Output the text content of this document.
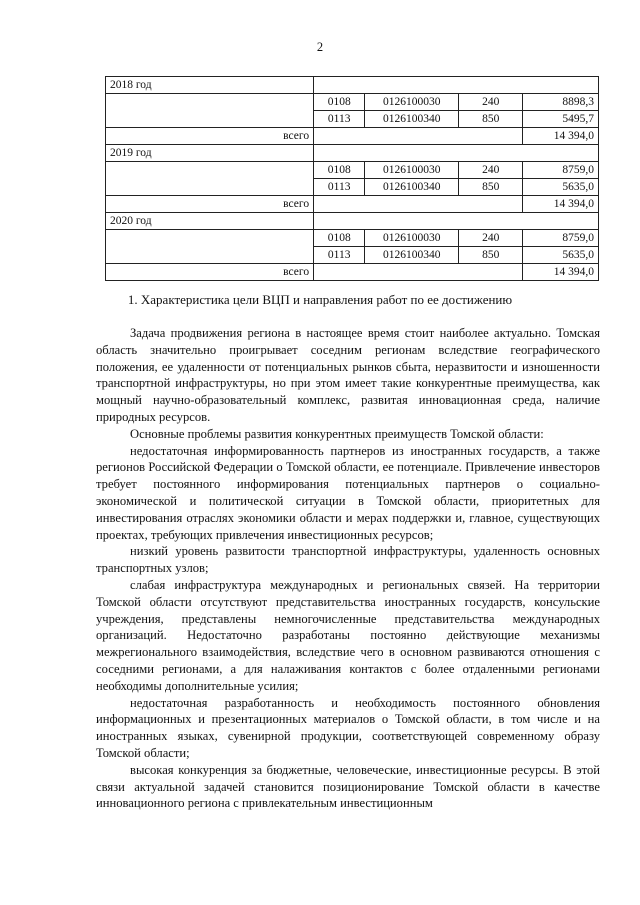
2
2018 год				
	0108	0126100030	240	8898,3
	0113	0126100340	850	5495,7
всего				14 394,0
2019 год				
	0108	0126100030	240	8759,0
	0113	0126100340	850	5635,0
всего				14 394,0
2020 год				
	0108	0126100030	240	8759,0
	0113	0126100340	850	5635,0
всего				14 394,0
1. Характеристика цели ВЦП и направления работ по ее достижению

Задача продвижения региона в настоящее время стоит наиболее актуально. Томская область значительно проигрывает соседним регионам вследствие географического положения, ее удаленности от потенциальных рынков сбыта, неразвитости и изношенности транспортной инфраструктуры, но при этом имеет такие конкурентные преимущества, как мощный научно-образовательный комплекс, развитая инновационная среда, наличие природных ресурсов.

Основные проблемы развития конкурентных преимуществ Томской области:

недостаточная информированность партнеров из иностранных государств, а также регионов Российской Федерации о Томской области, ее потенциале. Привлечение инвесторов требует постоянного информирования потенциальных партнеров о социально-экономической и политической ситуации в Томской области, приоритетных для инвестирования отраслях экономики области и мерах поддержки и, главное, существующих проектах, требующих привлечения инвестиционных ресурсов;

низкий уровень развитости транспортной инфраструктуры, удаленность основных транспортных узлов;

слабая инфраструктура международных и региональных связей. На территории Томской области отсутствуют представительства иностранных государств, консульские учреждения, представлены немногочисленные представительства международных организаций. Недостаточно разработаны постоянно действующие механизмы межрегионального взаимодействия, вследствие чего в основном развиваются отношения с соседними регионами, а для налаживания контактов с более отдаленными регионами необходимы дополнительные усилия;

недостаточная разработанность и необходимость постоянного обновления информационных и презентационных материалов о Томской области, в том числе и на иностранных языках, сувенирной продукции, соответствующей современному образу Томской области;

высокая конкуренция за бюджетные, человеческие, инвестиционные ресурсы. В этой связи актуальной задачей становится позиционирование Томской области в качестве инновационного региона с привлекательным инвестиционным
